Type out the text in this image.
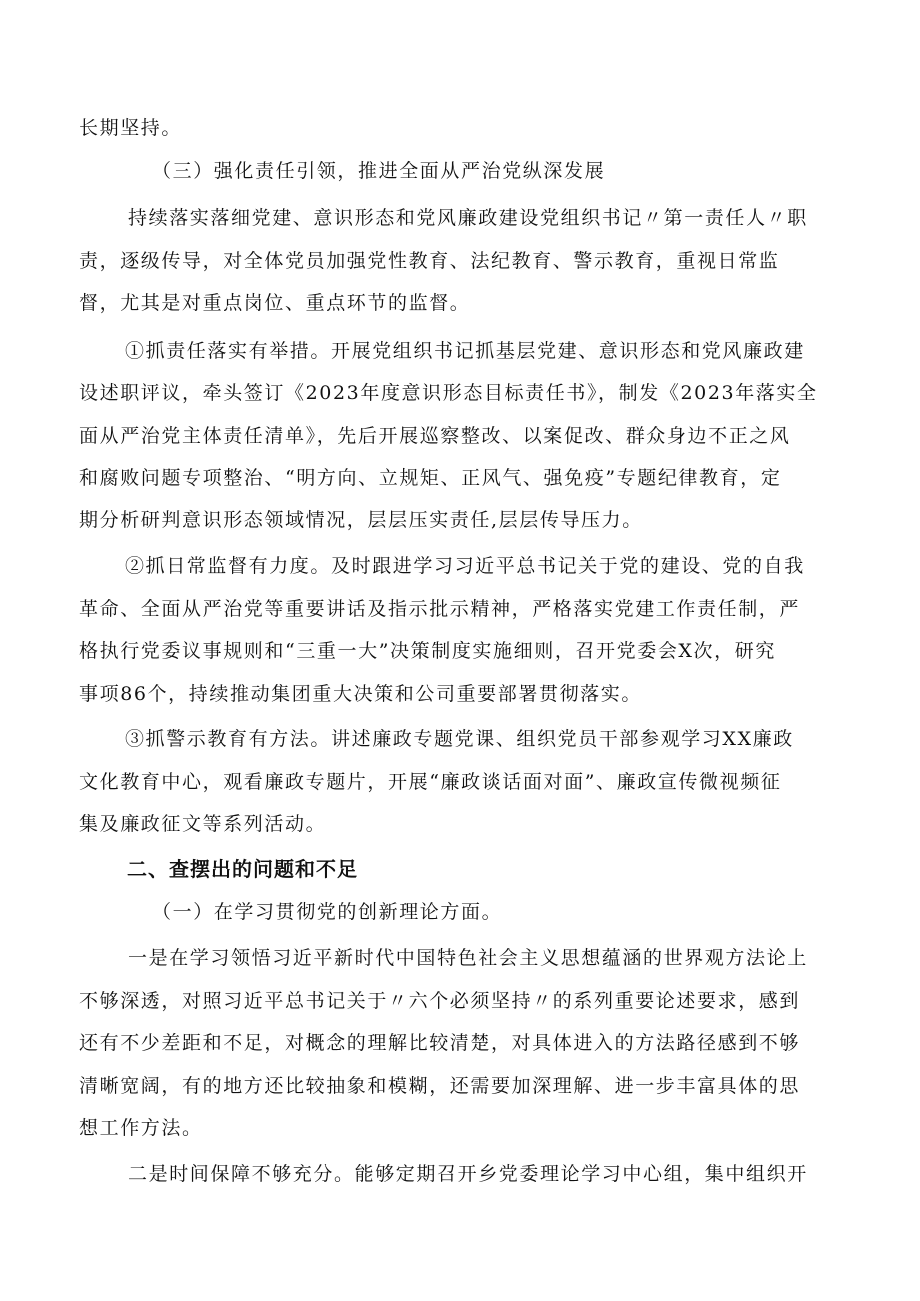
长期坚持。
（三）强化责任引领，推进全面从严治党纵深发展
持续落实落细党建、意识形态和党风廉政建设党组织书记〃第一责任人〃职
责，逐级传导，对全体党员加强党性教育、法纪教育、警示教育，重视日常监
督，尤其是对重点岗位、重点环节的监督。
①抓责任落实有举措。开展党组织书记抓基层党建、意识形态和党风廉政建
设述职评议，牵头签订《2023年度意识形态目标责任书》，制发《2023年落实全
面从严治党主体责任清单》，先后开展巡察整改、以案促改、群众身边不正之风
和腐败问题专项整治、“明方向、立规矩、正风气、强免疫”专题纪律教育，定
期分析研判意识形态领域情况，层层压实责任,层层传导压力。
②抓日常监督有力度。及时跟进学习习近平总书记关于党的建设、党的自我
革命、全面从严治党等重要讲话及指示批示精神，严格落实党建工作责任制，严
格执行党委议事规则和“三重一大”决策制度实施细则，召开党委会X次，研究
事项86个，持续推动集团重大决策和公司重要部署贯彻落实。
③抓警示教育有方法。讲述廉政专题党课、组织党员干部参观学习XX廉政
文化教育中心，观看廉政专题片，开展“廉政谈话面对面”、廉政宣传微视频征
集及廉政征文等系列活动。
二、查摆出的问题和不足
（一）在学习贯彻党的创新理论方面。
一是在学习领悟习近平新时代中国特色社会主义思想蕴涵的世界观方法论上
不够深透，对照习近平总书记关于〃六个必须坚持〃的系列重要论述要求，感到
还有不少差距和不足，对概念的理解比较清楚，对具体进入的方法路径感到不够
清晰宽阔，有的地方还比较抽象和模糊，还需要加深理解、进一步丰富具体的思
想工作方法。
二是时间保障不够充分。能够定期召开乡党委理论学习中心组，集中组织开
